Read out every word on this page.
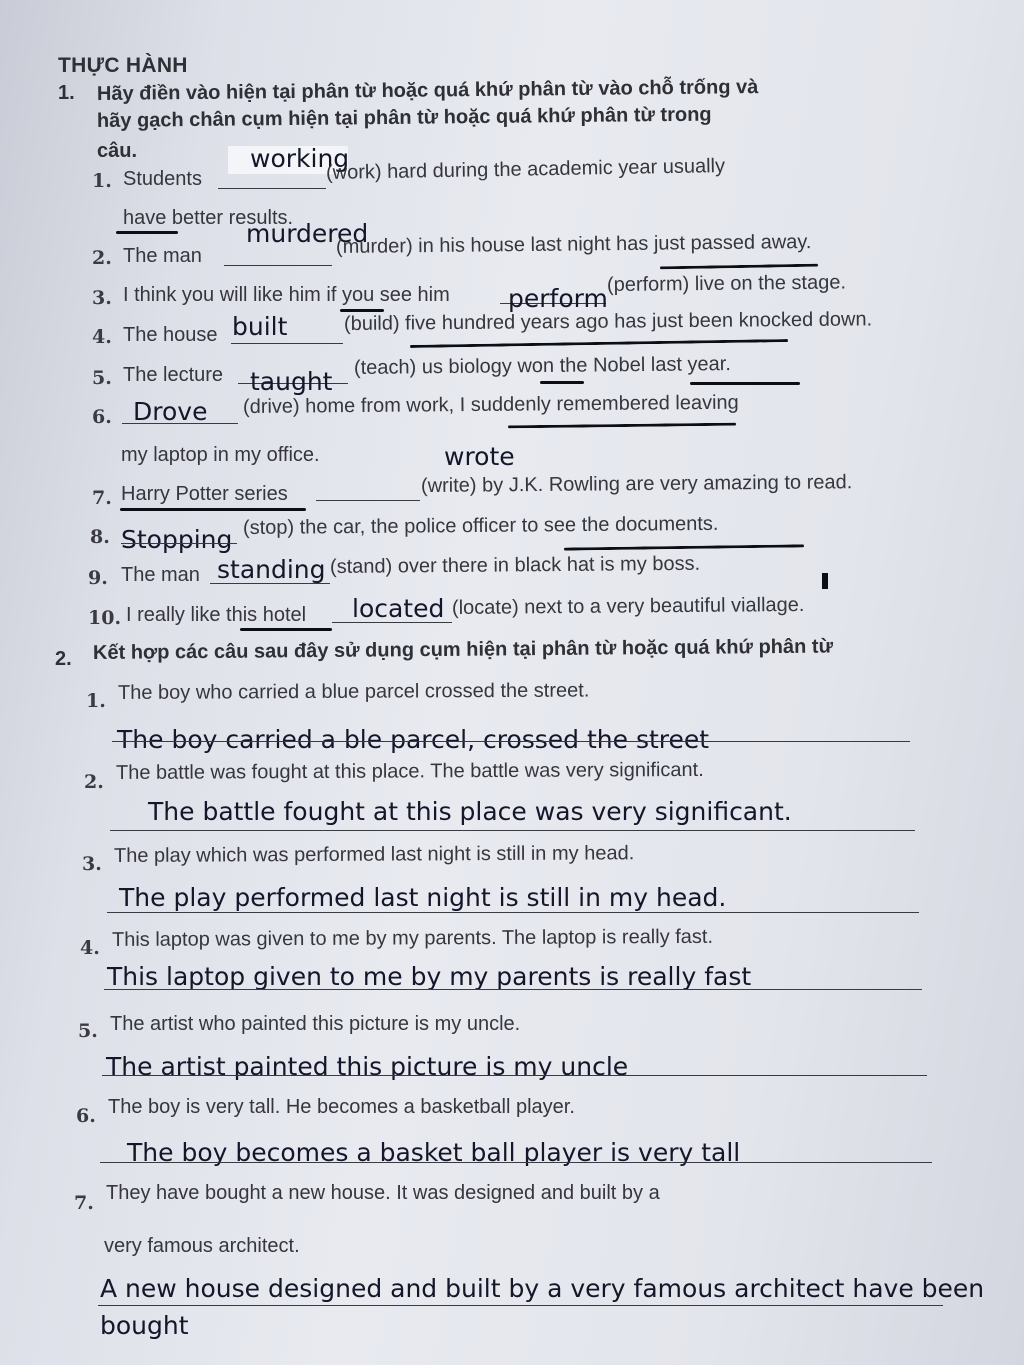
THỰC HÀNH
1. Hãy điền vào hiện tại phân từ hoặc quá khứ phân từ vào chỗ trống và
hãy gạch chân cụm hiện tại phân từ hoặc quá khứ phân từ trong
câu.
1. Students
working
(work) hard during the academic year usually
have better results.
2. The man
murdered
(murder) in his house last night has just passed away.
3. I think you will like him if you see him perform
(perform) live on the stage.
4. The house built	(build) five hundred years ago has just been knocked down.
5. The lecture taught
(teach) us biology won the Nobel last year.
6. Drove (drive) home from work, I suddenly remembered leaving
my laptop in my office.
7. Harry Potter series
wrote
(write) by J.K. Rowling are very amazing to read.
8. Stopping (stop) the car, the police officer to see the documents.
9. The man standing (stand) over there in black hat is my boss.
10. I really like this hotel located (locate) next to a very beautiful viallage.
2. Kết hợp các câu sau đây sử dụng cụm hiện tại phân từ hoặc quá khứ phân từ
1. The boy who carried a blue parcel crossed the street.
The boy carried a ble parcel, crossed the street
2. The battle was fought at this place. The battle was very significant.
The battle fought at this place was very significant.
3. The play which was performed last night is still in my head.
The play performed last night is still in my head.
4. This laptop was given to me by my parents. The laptop is really fast.
This laptop given to me by my parents is really fast
5. The artist who painted this picture is my uncle.
The artist painted this picture is my uncle
6. The boy is very tall. He becomes a basketball player.
The boy becomes a basket ball player is very tall
7. They have bought a new house. It was designed and built by a
very famous architect.
A new house designed and built by a very famous architect have been
bought
